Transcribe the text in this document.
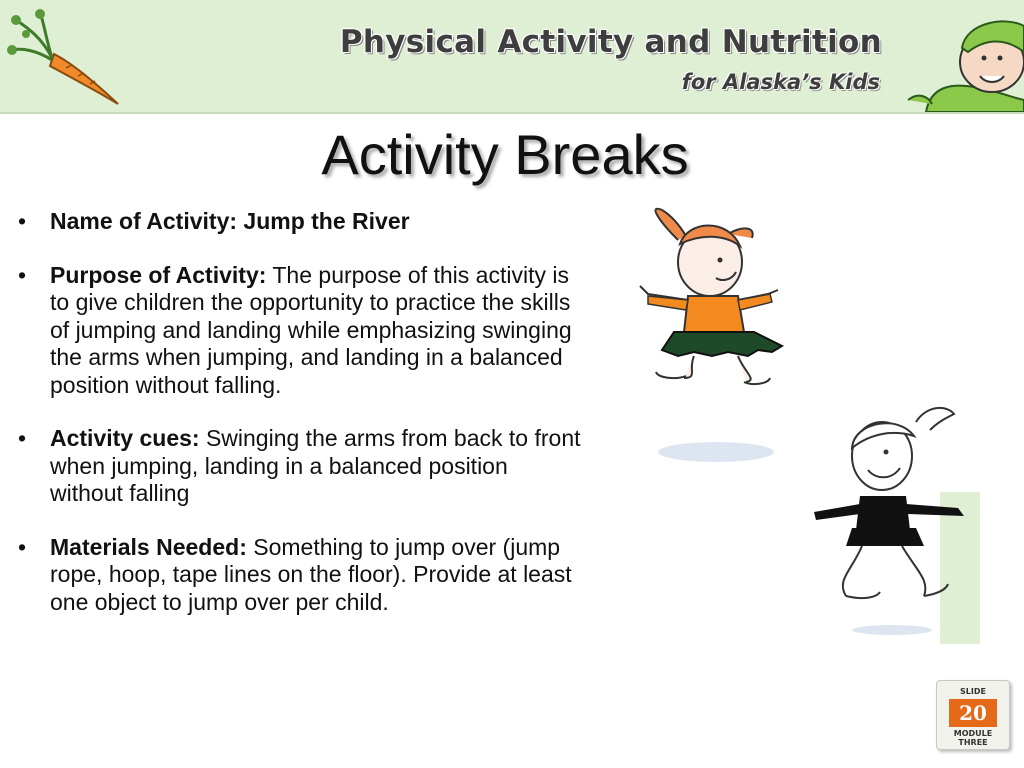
Physical Activity and Nutrition
for Alaska’s Kids
Activity Breaks
• Name of Activity: Jump the River
• Purpose of Activity: The purpose of this activity is to give children the opportunity to practice the skills of jumping and landing while emphasizing swinging the arms when jumping, and landing in a balanced position without falling.
• Activity cues: Swinging the arms from back to front when jumping, landing in a balanced position without falling
• Materials Needed: Something to jump over (jump rope, hoop, tape lines on the floor). Provide at least one object to jump over per child.
SLIDE
20
MODULE
THREE
